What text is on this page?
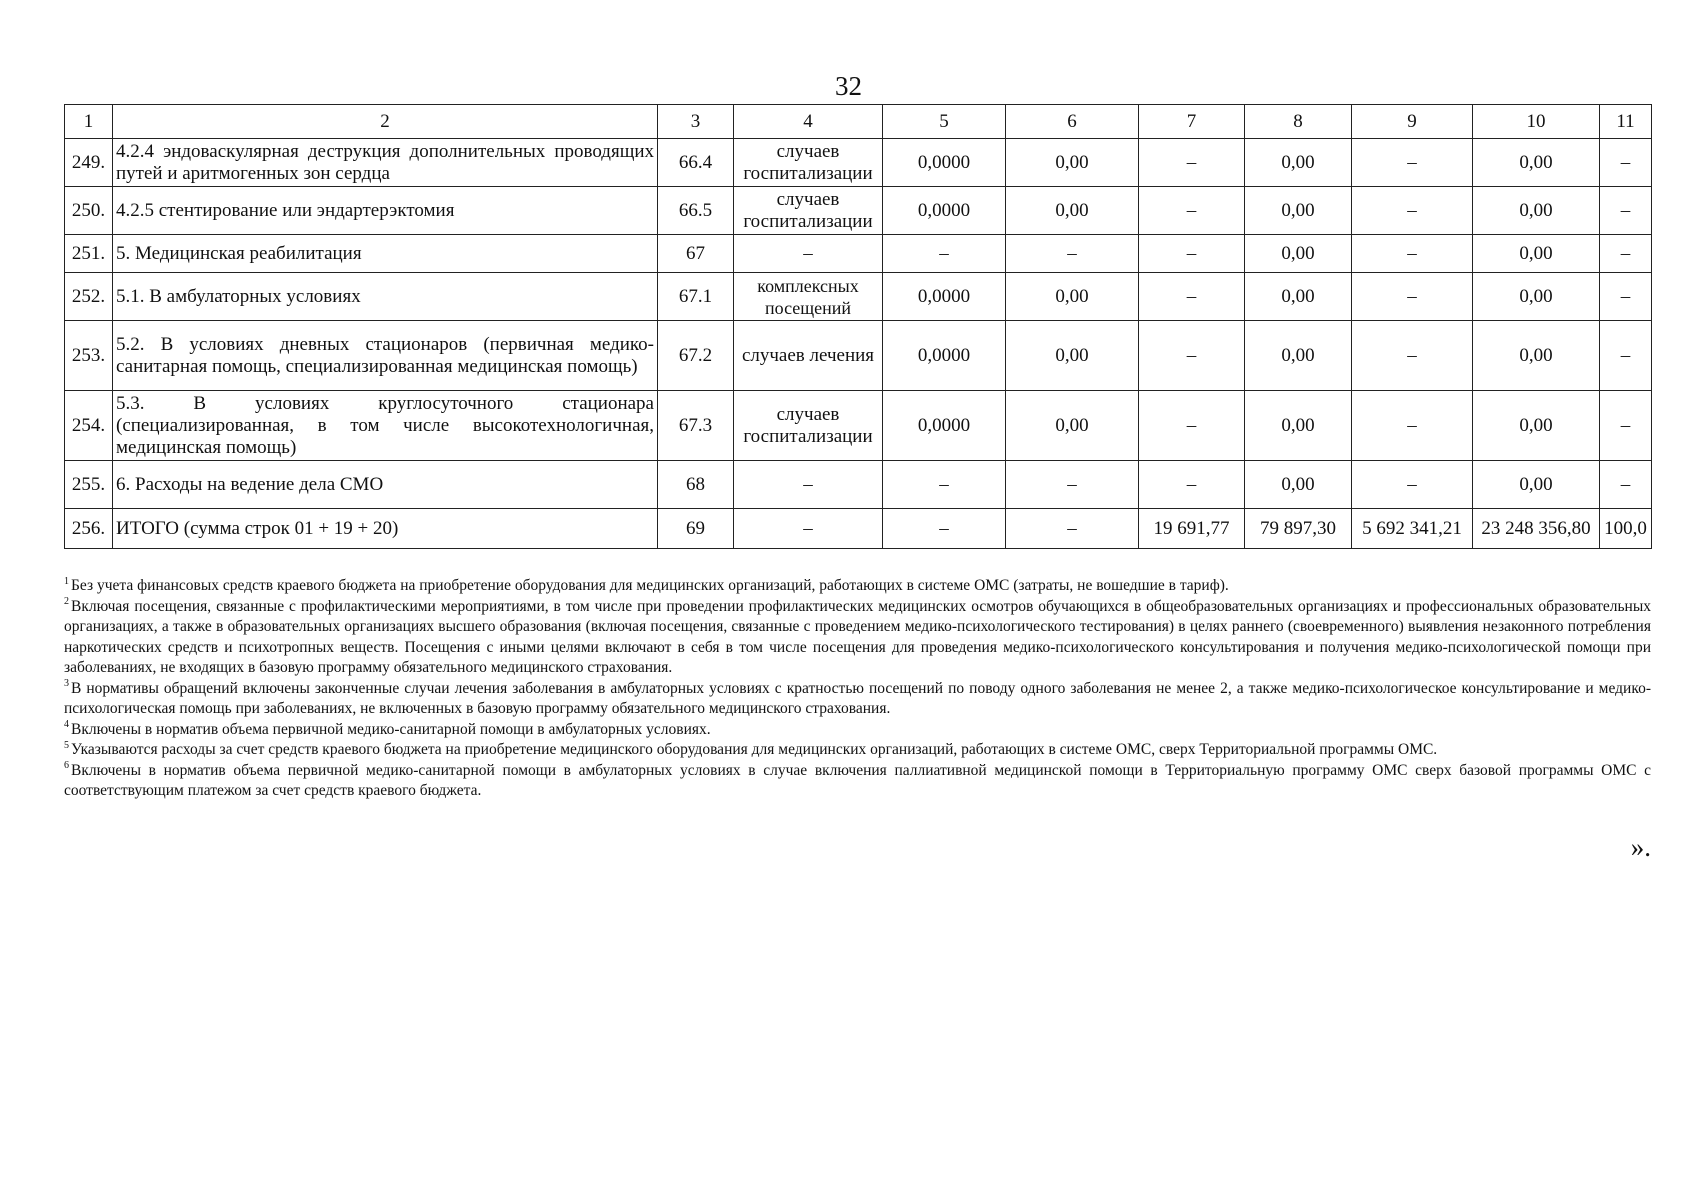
32
1	2	3	4	5	6	7	8	9	10	11
249.	4.2.4 эндоваскулярная деструкция дополнительных проводящих путей и аритмогенных зон сердца	66.4	случаев госпитализации	0,0000	0,00	–	0,00	–	0,00	–
250.	4.2.5 стентирование или эндартерэктомия	66.5	случаев госпитализации	0,0000	0,00	–	0,00	–	0,00	–
251.	5. Медицинская реабилитация	67	–	–	–	–	0,00	–	0,00	–
252.	5.1. В амбулаторных условиях	67.1	комплексных посещений	0,0000	0,00	–	0,00	–	0,00	–
253.	5.2. В условиях дневных стационаров (первичная медико-санитарная помощь, специализированная медицинская помощь)	67.2	случаев лечения	0,0000	0,00	–	0,00	–	0,00	–
254.	5.3. В условиях круглосуточного стационара (специализированная, в том числе высокотехнологичная, медицинская помощь)	67.3	случаев госпитализации	0,0000	0,00	–	0,00	–	0,00	–
255.	6. Расходы на ведение дела СМО	68	–	–	–	–	0,00	–	0,00	–
256.	ИТОГО (сумма строк 01 + 19 + 20)	69	–	–	–	19 691,77	79 897,30	5 692 341,21	23 248 356,80	100,0

$^1$ Без учета финансовых средств краевого бюджета на приобретение оборудования для медицинских организаций, работающих в системе ОМС (затраты, не вошедшие в тариф).

$^2$ Включая посещения, связанные с профилактическими мероприятиями, в том числе при проведении профилактических медицинских осмотров обучающихся в общеобразовательных организациях и профессиональных образовательных организациях, а также в образовательных организациях высшего образования (включая посещения, связанные с проведением медико-психологического тестирования) в целях раннего (своевременного) выявления незаконного потребления наркотических средств и психотропных веществ. Посещения с иными целями включают в себя в том числе посещения для проведения медико-психологического консультирования и получения медико-психологической помощи при заболеваниях, не входящих в базовую программу обязательного медицинского страхования.

$^3$ В нормативы обращений включены законченные случаи лечения заболевания в амбулаторных условиях с кратностью посещений по поводу одного заболевания не менее 2, а также медико-психологическое консультирование и медико-психологическая помощь при заболеваниях, не включенных в базовую программу обязательного медицинского страхования.

$^4$ Включены в норматив объема первичной медико-санитарной помощи в амбулаторных условиях.

$^5$ Указываются расходы за счет средств краевого бюджета на приобретение медицинского оборудования для медицинских организаций, работающих в системе ОМС, сверх Территориальной программы ОМС.

$^6$ Включены в норматив объема первичной медико-санитарной помощи в амбулаторных условиях в случае включения паллиативной медицинской помощи в Территориальную программу ОМС сверх базовой программы ОМС с соответствующим платежом за счет средств краевого бюджета.

».
